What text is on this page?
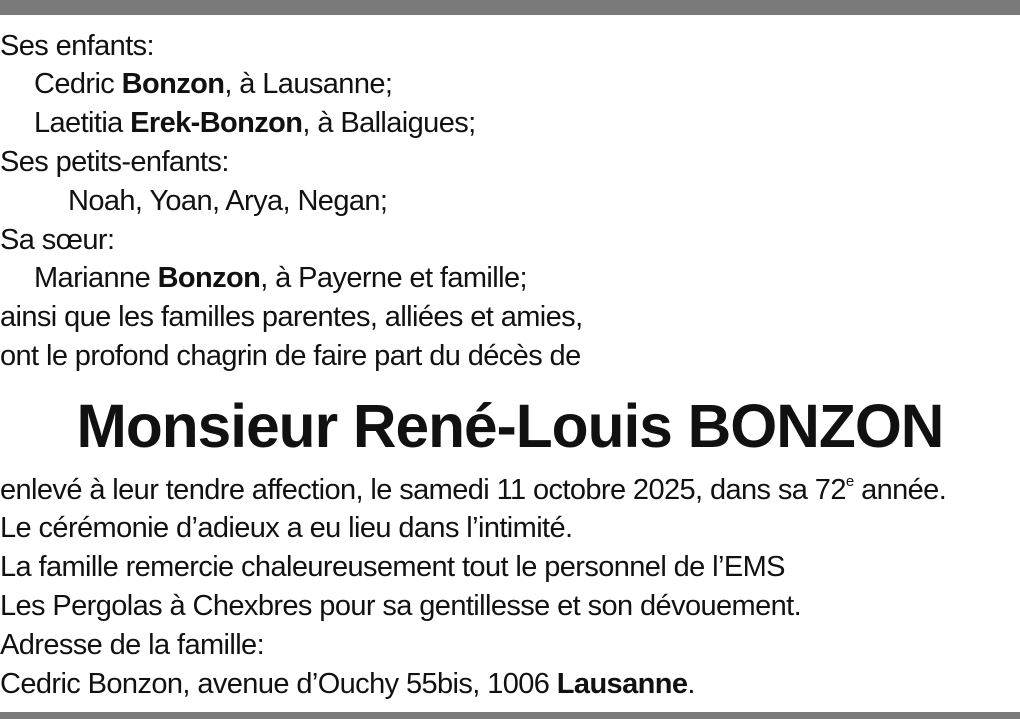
Ses enfants:
Cedric Bonzon, à Lausanne;
Laetitia Erek-Bonzon, à Ballaigues;
Ses petits-enfants:
Noah, Yoan, Arya, Negan;
Sa sœur:
Marianne Bonzon, à Payerne et famille;
ainsi que les familles parentes, alliées et amies,
ont le profond chagrin de faire part du décès de
Monsieur René-Louis BONZON
enlevé à leur tendre affection, le samedi 11 octobre 2025, dans sa 72e année.
Le cérémonie d’adieux a eu lieu dans l’intimité.
La famille remercie chaleureusement tout le personnel de l’EMS
Les Pergolas à Chexbres pour sa gentillesse et son dévouement.
Adresse de la famille:
Cedric Bonzon, avenue d’Ouchy 55bis, 1006 Lausanne.
